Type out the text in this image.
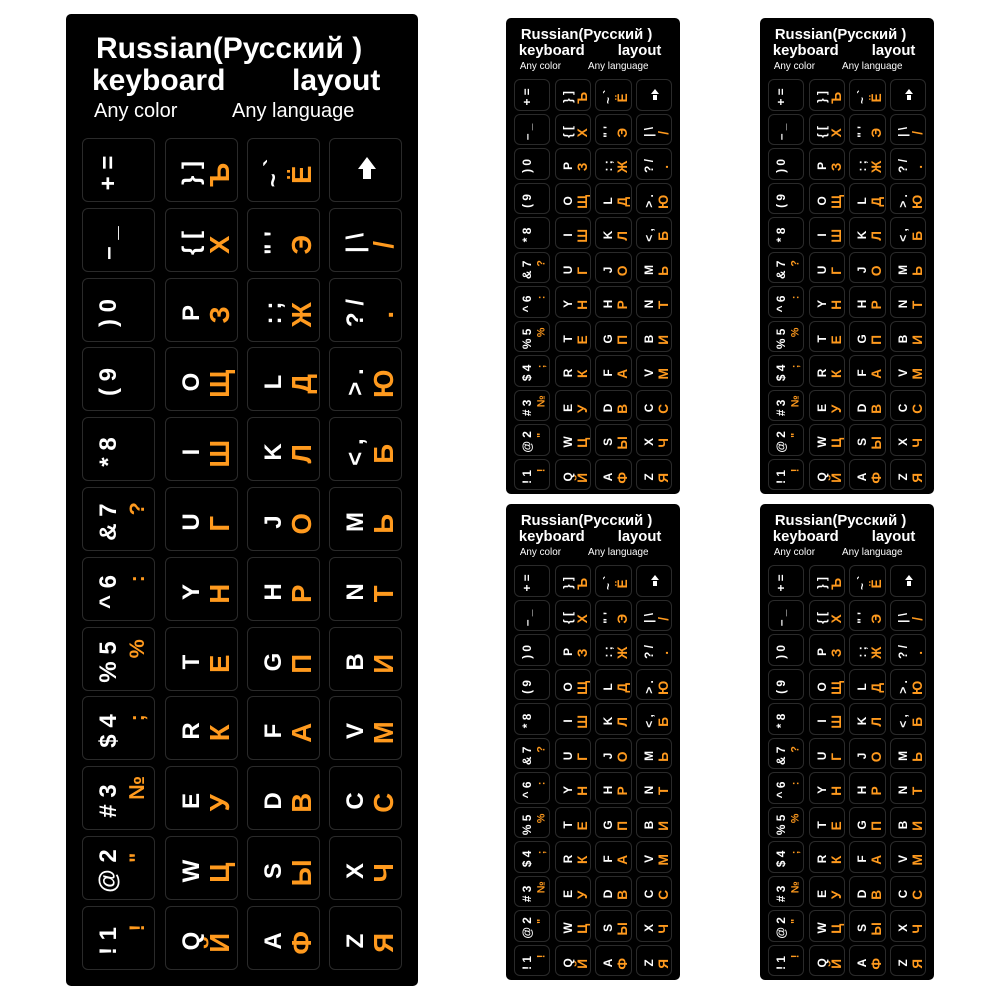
Russian(Русский )
keyboard layout
Any color	Any language
+ =
– _
) 0
( 9
* 8
& 7 ?
^ 6 :
% 5 %
$ 4 ;
# 3 №
@ 2 "
! 1 !
} ] Ъ
{ [ Х
P З
O Щ
I Ш
U Г
Y Н
T Е
R К
E У
W Ц
Q Й
~ ` Ё
" ' Э
: ; Ж
L Д
K Л
J О
H Р
G П
F А
D В
S Ы
A Ф
| \ /
? / .
> . Ю
< , Б
M Ь
N Т
B И
V М
C С
X Ч
Z Я
Russian(Русский )
keyboard layout
Any color	Any language
+ =
– _
) 0
( 9
* 8
& 7 ?
^ 6 :
% 5 %
$ 4 ;
# 3 №
@ 2 "
! 1 !
} ] Ъ
{ [ Х
P З
O Щ
I Ш
U Г
Y Н
T Е
R К
E У
W Ц
Q Й
~ ` Ё
" ' Э
: ; Ж
L Д
K Л
J О
H Р
G П
F А
D В
S Ы
A Ф
| \ /
? / .
> . Ю
< , Б
M Ь
N Т
B И
V М
C С
X Ч
Z Я
Russian(Русский )
keyboard layout
Any color	Any language
+ =
– _
) 0
( 9
* 8
& 7 ?
^ 6 :
% 5 %
$ 4 ;
# 3 №
@ 2 "
! 1 !
} ] Ъ
{ [ Х
P З
O Щ
I Ш
U Г
Y Н
T Е
R К
E У
W Ц
Q Й
~ ` Ё
" ' Э
: ; Ж
L Д
K Л
J О
H Р
G П
F А
D В
S Ы
A Ф
| \ /
? / .
> . Ю
< , Б
M Ь
N Т
B И
V М
C С
X Ч
Z Я
Russian(Русский )
keyboard layout
Any color	Any language
+ =
– _
) 0
( 9
* 8
& 7 ?
^ 6 :
% 5 %
$ 4 ;
# 3 №
@ 2 "
! 1 !
} ] Ъ
{ [ Х
P З
O Щ
I Ш
U Г
Y Н
T Е
R К
E У
W Ц
Q Й
~ ` Ё
" ' Э
: ; Ж
L Д
K Л
J О
H Р
G П
F А
D В
S Ы
A Ф
| \ /
? / .
> . Ю
< , Б
M Ь
N Т
B И
V М
C С
X Ч
Z Я
Russian(Русский )
keyboard layout
Any color	Any language
+ =
– _
) 0
( 9
* 8
& 7 ?
^ 6 :
% 5 %
$ 4 ;
# 3 №
@ 2 "
! 1 !
} ] Ъ
{ [ Х
P З
O Щ
I Ш
U Г
Y Н
T Е
R К
E У
W Ц
Q Й
~ ` Ё
" ' Э
: ; Ж
L Д
K Л
J О
H Р
G П
F А
D В
S Ы
A Ф
| \ /
? / .
> . Ю
< , Б
M Ь
N Т
B И
V М
C С
X Ч
Z Я
